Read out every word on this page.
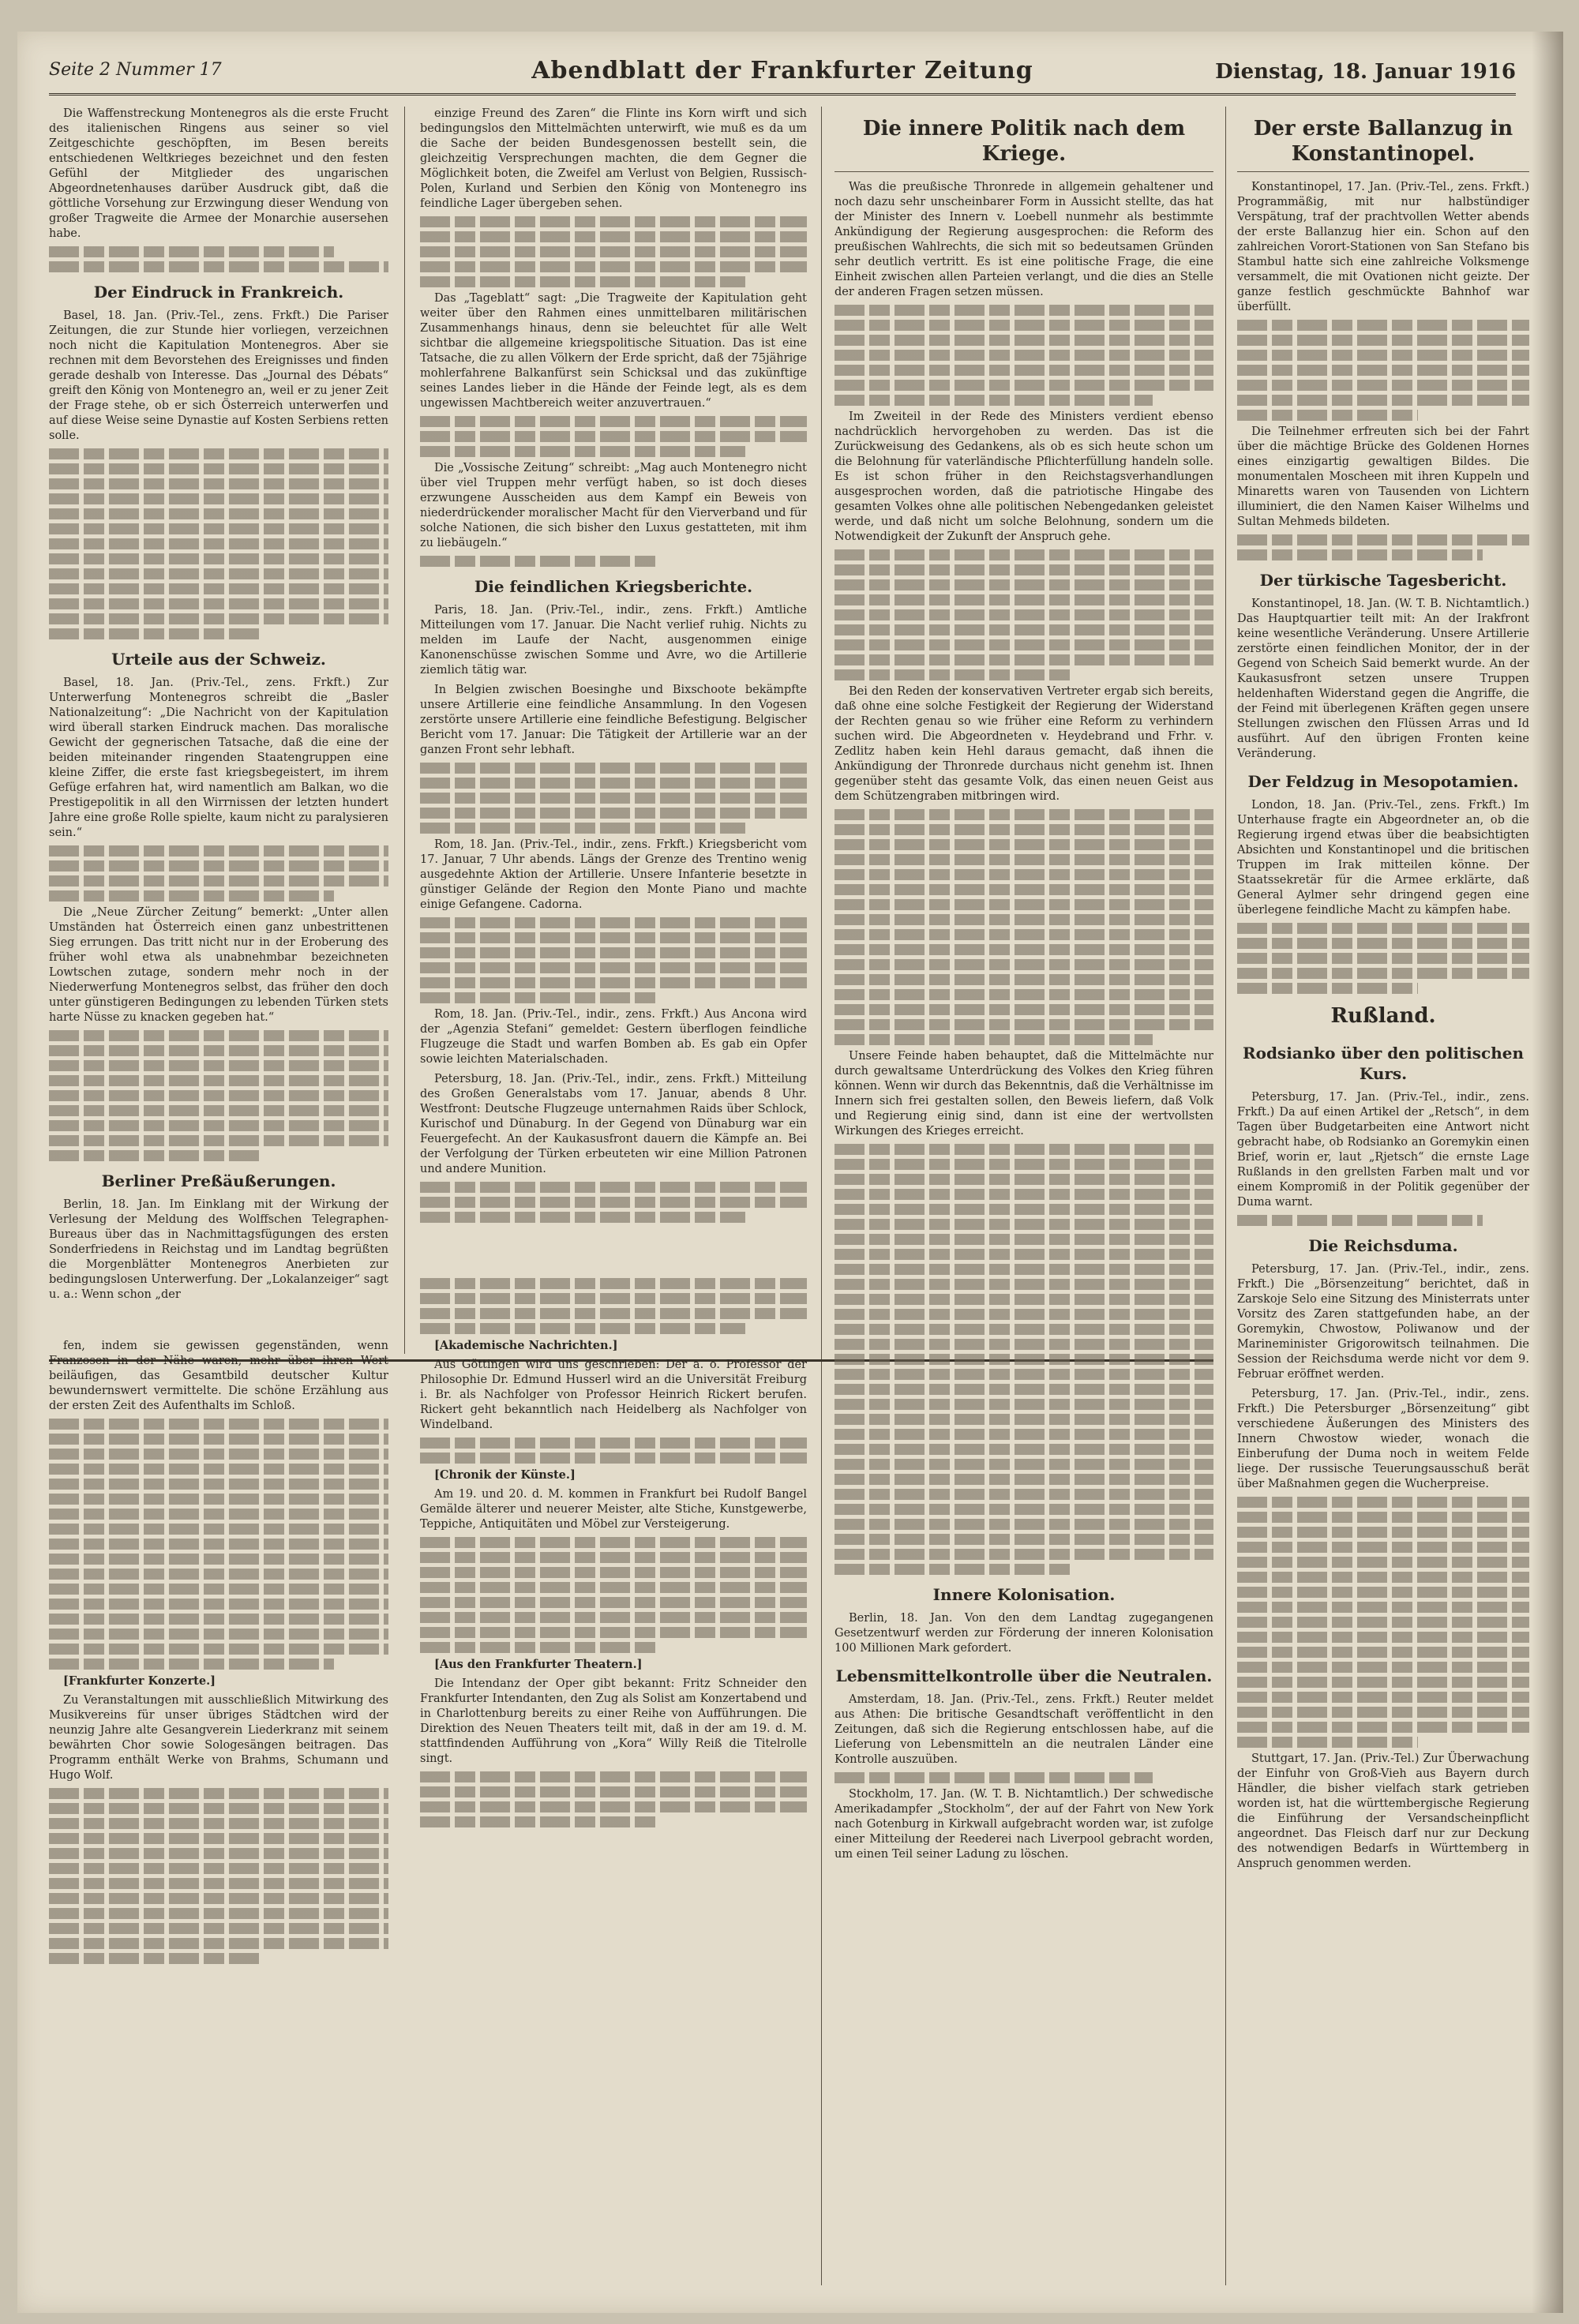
Seite 2 Nummer 17	Abendblatt der Frankfurter Zeitung	Dienstag, 18. Januar 1916

Die Waffenstreckung Montenegros als die erste Frucht des italienischen Ringens aus seiner so viel Zeitgeschichte geschöpften, im Besen bereits entschiedenen Weltkrieges bezeichnet und den festen Gefühl der Mitglieder des ungarischen Abgeordnetenhauses darüber Ausdruck gibt, daß die göttliche Vorsehung zur Erzwingung dieser Wendung von großer Tragweite die Armee der Monarchie ausersehen habe.

Der Eindruck in Frankreich.

Basel, 18. Jan. (Priv.-Tel., zens. Frkft.) Die Pariser Zeitungen, die zur Stunde hier vorliegen, verzeichnen noch nicht die Kapitulation Montenegros. Aber sie rechnen mit dem Bevorstehen des Ereignisses und finden gerade deshalb von Interesse. Das „Journal des Débats“ greift den König von Montenegro an, weil er zu jener Zeit der Frage stehe, ob er sich Österreich unterwerfen und auf diese Weise seine Dynastie auf Kosten Serbiens retten solle.

Urteile aus der Schweiz.

Basel, 18. Jan. (Priv.-Tel., zens. Frkft.) Zur Unterwerfung Montenegros schreibt die „Basler Nationalzeitung“: „Die Nachricht von der Kapitulation wird überall starken Eindruck machen. Das moralische Gewicht der gegnerischen Tatsache, daß die eine der beiden miteinander ringenden Staatengruppen eine kleine Ziffer, die erste fast kriegsbegeistert, im ihrem Gefüge erfahren hat, wird namentlich am Balkan, wo die Prestigepolitik in all den Wirrnissen der letzten hundert Jahre eine große Rolle spielte, kaum nicht zu paralysieren sein.“

Die „Neue Zürcher Zeitung“ bemerkt: „Unter allen Umständen hat Österreich einen ganz unbestrittenen Sieg errungen. Das tritt nicht nur in der Eroberung des früher wohl etwa als unabnehmbar bezeichneten Lowtschen zutage, sondern mehr noch in der Niederwerfung Montenegros selbst, das früher den doch unter günstigeren Bedingungen zu lebenden Türken stets harte Nüsse zu knacken gegeben hat.“

Berliner Preßäußerungen.

Berlin, 18. Jan. Im Einklang mit der Wirkung der Verlesung der Meldung des Wolffschen Telegraphen-Bureaus über das in Nachmittagsfügungen des ersten Sonderfriedens in Reichstag und im Landtag begrüßten die Morgenblätter Montenegros Anerbieten zur bedingungslosen Unterwerfung. Der „Lokalanzeiger“ sagt u. a.: Wenn schon „der

fen, indem sie gewissen gegenständen, wenn Franzosen in der Nähe waren, mehr über ihren Wert beiläufigen, das Gesamtbild deutscher Kultur bewundernswert vermittelte. Die schöne Erzählung aus der ersten Zeit des Aufenthalts im Schloß.

[Frankfurter Konzerte.]

Zu Veranstaltungen mit ausschließlich Mitwirkung des Musikvereins für unser übriges Städtchen wird der neunzig Jahre alte Gesangverein Liederkranz mit seinem bewährten Chor sowie Sologesängen beitragen. Das Programm enthält Werke von Brahms, Schumann und Hugo Wolf.

einzige Freund des Zaren“ die Flinte ins Korn wirft und sich bedingungslos den Mittelmächten unterwirft, wie muß es da um die Sache der beiden Bundesgenossen bestellt sein, die gleichzeitig Versprechungen machten, die dem Gegner die Möglichkeit boten, die Zweifel am Verlust von Belgien, Russisch-Polen, Kurland und Serbien den König von Montenegro ins feindliche Lager übergeben sehen.

Das „Tageblatt“ sagt: „Die Tragweite der Kapitulation geht weiter über den Rahmen eines unmittelbaren militärischen Zusammenhangs hinaus, denn sie beleuchtet für alle Welt sichtbar die allgemeine kriegspolitische Situation. Das ist eine Tatsache, die zu allen Völkern der Erde spricht, daß der 75jährige mohlerfahrene Balkanfürst sein Schicksal und das zukünftige seines Landes lieber in die Hände der Feinde legt, als es dem ungewissen Machtbereich weiter anzuvertrauen.“

Die „Vossische Zeitung“ schreibt: „Mag auch Montenegro nicht über viel Truppen mehr verfügt haben, so ist doch dieses erzwungene Ausscheiden aus dem Kampf ein Beweis von niederdrückender moralischer Macht für den Vierverband und für solche Nationen, die sich bisher den Luxus gestatteten, mit ihm zu liebäugeln.“

Die feindlichen Kriegsberichte.

Paris, 18. Jan. (Priv.-Tel., indir., zens. Frkft.) Amtliche Mitteilungen vom 17. Januar. Die Nacht verlief ruhig. Nichts zu melden im Laufe der Nacht, ausgenommen einige Kanonenschüsse zwischen Somme und Avre, wo die Artillerie ziemlich tätig war.

In Belgien zwischen Boesinghe und Bixschoote bekämpfte unsere Artillerie eine feindliche Ansammlung. In den Vogesen zerstörte unsere Artillerie eine feindliche Befestigung. Belgischer Bericht vom 17. Januar: Die Tätigkeit der Artillerie war an der ganzen Front sehr lebhaft.

Rom, 18. Jan. (Priv.-Tel., indir., zens. Frkft.) Kriegsbericht vom 17. Januar, 7 Uhr abends. Längs der Grenze des Trentino wenig ausgedehnte Aktion der Artillerie. Unsere Infanterie besetzte in günstiger Gelände der Region den Monte Piano und machte einige Gefangene. Cadorna.

Rom, 18. Jan. (Priv.-Tel., indir., zens. Frkft.) Aus Ancona wird der „Agenzia Stefani“ gemeldet: Gestern überflogen feindliche Flugzeuge die Stadt und warfen Bomben ab. Es gab ein Opfer sowie leichten Materialschaden.

Petersburg, 18. Jan. (Priv.-Tel., indir., zens. Frkft.) Mitteilung des Großen Generalstabs vom 17. Januar, abends 8 Uhr. Westfront: Deutsche Flugzeuge unternahmen Raids über Schlock, Kurischof und Dünaburg. In der Gegend von Dünaburg war ein Feuergefecht. An der Kaukasusfront dauern die Kämpfe an. Bei der Verfolgung der Türken erbeuteten wir eine Million Patronen und andere Munition.

[Akademische Nachrichten.]

Aus Göttingen wird uns geschrieben: Der a. o. Professor der Philosophie Dr. Edmund Husserl wird an die Universität Freiburg i. Br. als Nachfolger von Professor Heinrich Rickert berufen. Rickert geht bekanntlich nach Heidelberg als Nachfolger von Windelband.

[Chronik der Künste.]

Am 19. und 20. d. M. kommen in Frankfurt bei Rudolf Bangel Gemälde älterer und neuerer Meister, alte Stiche, Kunstgewerbe, Teppiche, Antiquitäten und Möbel zur Versteigerung.

[Aus den Frankfurter Theatern.]

Die Intendanz der Oper gibt bekannt: Fritz Schneider den Frankfurter Intendanten, den Zug als Solist am Konzertabend und in Charlottenburg bereits zu einer Reihe von Aufführungen. Die Direktion des Neuen Theaters teilt mit, daß in der am 19. d. M. stattfindenden Aufführung von „Kora“ Willy Reiß die Titelrolle singt.

Die innere Politik nach dem Kriege.

Was die preußische Thronrede in allgemein gehaltener und noch dazu sehr unscheinbarer Form in Aussicht stellte, das hat der Minister des Innern v. Loebell nunmehr als bestimmte Ankündigung der Regierung ausgesprochen: die Reform des preußischen Wahlrechts, die sich mit so bedeutsamen Gründen sehr deutlich vertritt. Es ist eine politische Frage, die eine Einheit zwischen allen Parteien verlangt, und die dies an Stelle der anderen Fragen setzen müssen.

Im Zweiteil in der Rede des Ministers verdient ebenso nachdrücklich hervorgehoben zu werden. Das ist die Zurückweisung des Gedankens, als ob es sich heute schon um die Belohnung für vaterländische Pflichterfüllung handeln solle. Es ist schon früher in den Reichstagsverhandlungen ausgesprochen worden, daß die patriotische Hingabe des gesamten Volkes ohne alle politischen Nebengedanken geleistet werde, und daß nicht um solche Belohnung, sondern um die Notwendigkeit der Zukunft der Anspruch gehe.

Bei den Reden der konservativen Vertreter ergab sich bereits, daß ohne eine solche Festigkeit der Regierung der Widerstand der Rechten genau so wie früher eine Reform zu verhindern suchen wird. Die Abgeordneten v. Heydebrand und Frhr. v. Zedlitz haben kein Hehl daraus gemacht, daß ihnen die Ankündigung der Thronrede durchaus nicht genehm ist. Ihnen gegenüber steht das gesamte Volk, das einen neuen Geist aus dem Schützengraben mitbringen wird.

Unsere Feinde haben behauptet, daß die Mittelmächte nur durch gewaltsame Unterdrückung des Volkes den Krieg führen können. Wenn wir durch das Bekenntnis, daß die Verhältnisse im Innern sich frei gestalten sollen, den Beweis liefern, daß Volk und Regierung einig sind, dann ist eine der wertvollsten Wirkungen des Krieges erreicht.

Innere Kolonisation.

Berlin, 18. Jan. Von den dem Landtag zugegangenen Gesetzentwurf werden zur Förderung der inneren Kolonisation 100 Millionen Mark gefordert.

Lebensmittelkontrolle über die Neutralen.

Amsterdam, 18. Jan. (Priv.-Tel., zens. Frkft.) Reuter meldet aus Athen: Die britische Gesandtschaft veröffentlicht in den Zeitungen, daß sich die Regierung entschlossen habe, auf die Lieferung von Lebensmitteln an die neutralen Länder eine Kontrolle auszuüben.

Stockholm, 17. Jan. (W. T. B. Nichtamtlich.) Der schwedische Amerikadampfer „Stockholm“, der auf der Fahrt von New York nach Gotenburg in Kirkwall aufgebracht worden war, ist zufolge einer Mitteilung der Reederei nach Liverpool gebracht worden, um einen Teil seiner Ladung zu löschen.

Der erste Ballanzug in Konstantinopel.

Konstantinopel, 17. Jan. (Priv.-Tel., zens. Frkft.) Programmäßig, mit nur halbstündiger Verspätung, traf der prachtvollen Wetter abends der erste Ballanzug hier ein. Schon auf den zahlreichen Vorort-Stationen von San Stefano bis Stambul hatte sich eine zahlreiche Volksmenge versammelt, die mit Ovationen nicht geizte. Der ganze festlich geschmückte Bahnhof war überfüllt.

Die Teilnehmer erfreuten sich bei der Fahrt über die mächtige Brücke des Goldenen Hornes eines einzigartig gewaltigen Bildes. Die monumentalen Moscheen mit ihren Kuppeln und Minaretts waren von Tausenden von Lichtern illuminiert, die den Namen Kaiser Wilhelms und Sultan Mehmeds bildeten.

Der türkische Tagesbericht.

Konstantinopel, 18. Jan. (W. T. B. Nichtamtlich.) Das Hauptquartier teilt mit: An der Irakfront keine wesentliche Veränderung. Unsere Artillerie zerstörte einen feindlichen Monitor, der in der Gegend von Scheich Said bemerkt wurde. An der Kaukasusfront setzen unsere Truppen heldenhaften Widerstand gegen die Angriffe, die der Feind mit überlegenen Kräften gegen unsere Stellungen zwischen den Flüssen Arras und Id ausführt. Auf den übrigen Fronten keine Veränderung.

Der Feldzug in Mesopotamien.

London, 18. Jan. (Priv.-Tel., zens. Frkft.) Im Unterhause fragte ein Abgeordneter an, ob die Regierung irgend etwas über die beabsichtigten Absichten und Konstantinopel und die britischen Truppen im Irak mitteilen könne. Der Staatssekretär für die Armee erklärte, daß General Aylmer sehr dringend gegen eine überlegene feindliche Macht zu kämpfen habe.

Rußland.
Rodsianko über den politischen Kurs.

Petersburg, 17. Jan. (Priv.-Tel., indir., zens. Frkft.) Da auf einen Artikel der „Retsch“, in dem Tagen über Budgetarbeiten eine Antwort nicht gebracht habe, ob Rodsianko an Goremykin einen Brief, worin er, laut „Rjetsch“ die ernste Lage Rußlands in den grellsten Farben malt und vor einem Kompromiß in der Politik gegenüber der Duma warnt.

Die Reichsduma.

Petersburg, 17. Jan. (Priv.-Tel., indir., zens. Frkft.) Die „Börsenzeitung“ berichtet, daß in Zarskoje Selo eine Sitzung des Ministerrats unter Vorsitz des Zaren stattgefunden habe, an der Goremykin, Chwostow, Poliwanow und der Marineminister Grigorowitsch teilnahmen. Die Session der Reichsduma werde nicht vor dem 9. Februar eröffnet werden.

Petersburg, 17. Jan. (Priv.-Tel., indir., zens. Frkft.) Die Petersburger „Börsenzeitung“ gibt verschiedene Äußerungen des Ministers des Innern Chwostow wieder, wonach die Einberufung der Duma noch in weitem Felde liege. Der russische Teuerungsausschuß berät über Maßnahmen gegen die Wucherpreise.

Stuttgart, 17. Jan. (Priv.-Tel.) Zur Überwachung der Einfuhr von Groß-Vieh aus Bayern durch Händler, die bisher vielfach stark getrieben worden ist, hat die württembergische Regierung die Einführung der Versandscheinpflicht angeordnet. Das Fleisch darf nur zur Deckung des notwendigen Bedarfs in Württemberg in Anspruch genommen werden.
